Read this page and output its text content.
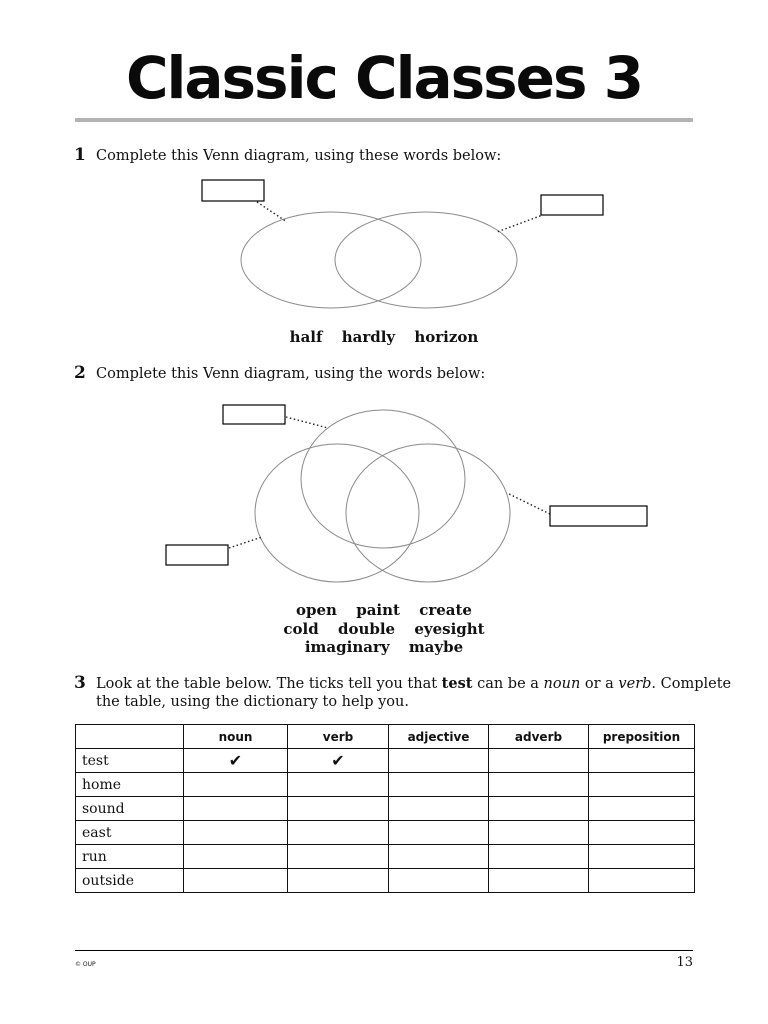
Classic Classes 3
1 Complete this Venn diagram, using these words below:
half hardly horizon
2 Complete this Venn diagram, using the words below:
open paint create
cold double eyesight
imaginary maybe
3 Look at the table below. The ticks tell you that test can be a noun or a verb. Complete
the table, using the dictionary to help you.
	noun	verb	adjective	adverb	preposition
test	✔	✔			
home					
sound					
east					
run					
outside					
© OUP	13
